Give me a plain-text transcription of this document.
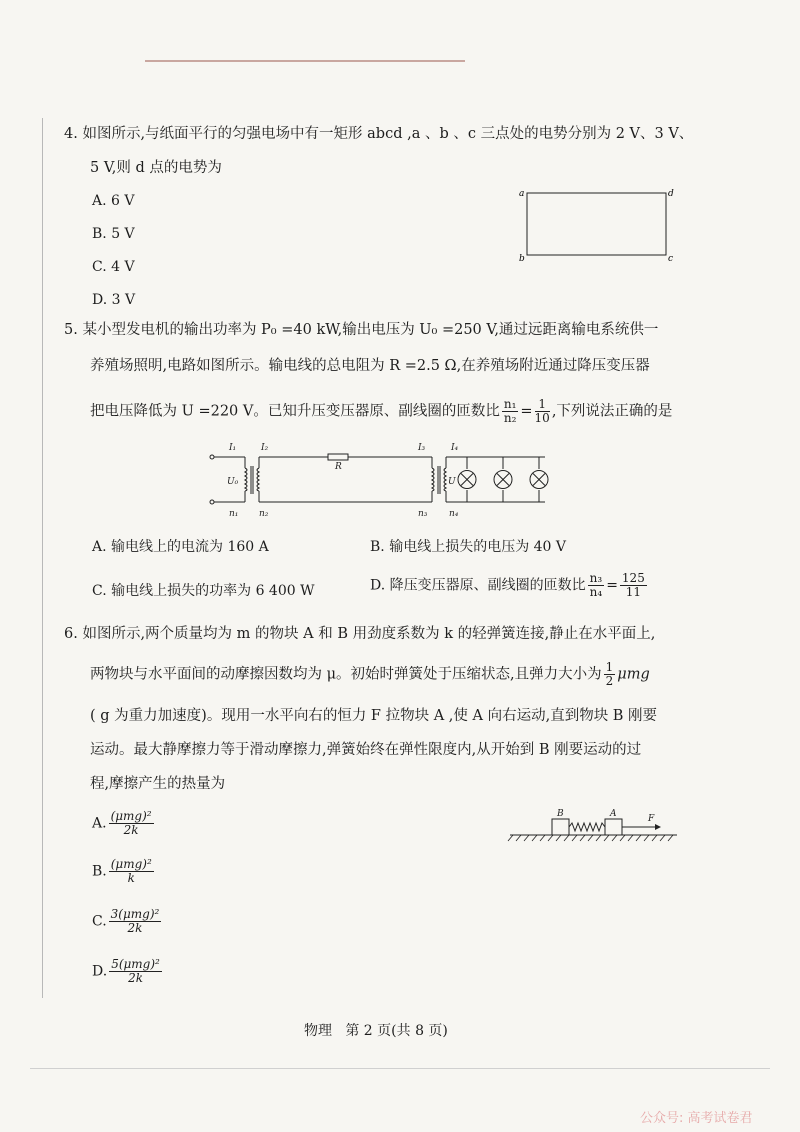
4. 如图所示,与纸面平行的匀强电场中有一矩形 abcd ,a 、b 、c 三点处的电势分别为 2 V、3 V、
5 V,则 d 点的电势为
A. 6 V
B. 5 V
C. 4 V
D. 3 V
a
b	c
d
5. 某小型发电机的输出功率为 P₀ =40 kW,输出电压为 U₀ =250 V,通过远距离输电系统供一
养殖场照明,电路如图所示。输电线的总电阻为 R =2.5 Ω,在养殖场附近通过降压变压器
把电压降低为 U =220 V。已知升压变压器原、副线圈的匝数比 $\frac{\text{n₁}}{\text{n₂}} = \frac{1}{10}$ ,下列说法正确的是
I₁	I₂
R
I₃	I₄
U₀	U
n₁ n₂	n₃ n₄
A. 输电线上的电流为 160 A	B. 输电线上损失的电压为 40 V
C. 输电线上损失的功率为 6 400 W	D. 降压变压器原、副线圈的匝数比 $\frac{\text{n₃}}{\text{n₄}} = \frac{125}{11}$
6. 如图所示,两个质量均为 m 的物块 A 和 B 用劲度系数为 k 的轻弹簧连接,静止在水平面上,
两物块与水平面间的动摩擦因数均为 μ。初始时弹簧处于压缩状态,且弹力大小为 $\frac{1}{2}$ μmg
( g 为重力加速度)。现用一水平向右的恒力 F 拉物块 A ,使 A 向右运动,直到物块 B 刚要
运动。最大静摩擦力等于滑动摩擦力,弹簧始终在弹性限度内,从开始到 B 刚要运动的过
程,摩擦产生的热量为
A. $\frac{\text{(μmg)²}}{2k}$
B. $\frac{\text{(μmg)²}}{k}$
C. $\frac{\text{3(μmg)²}}{2k}$
D. $\frac{\text{5(μmg)²}}{2k}$
B	A	F
物理   第 2 页(共 8 页)
公众号: 高考试卷君
